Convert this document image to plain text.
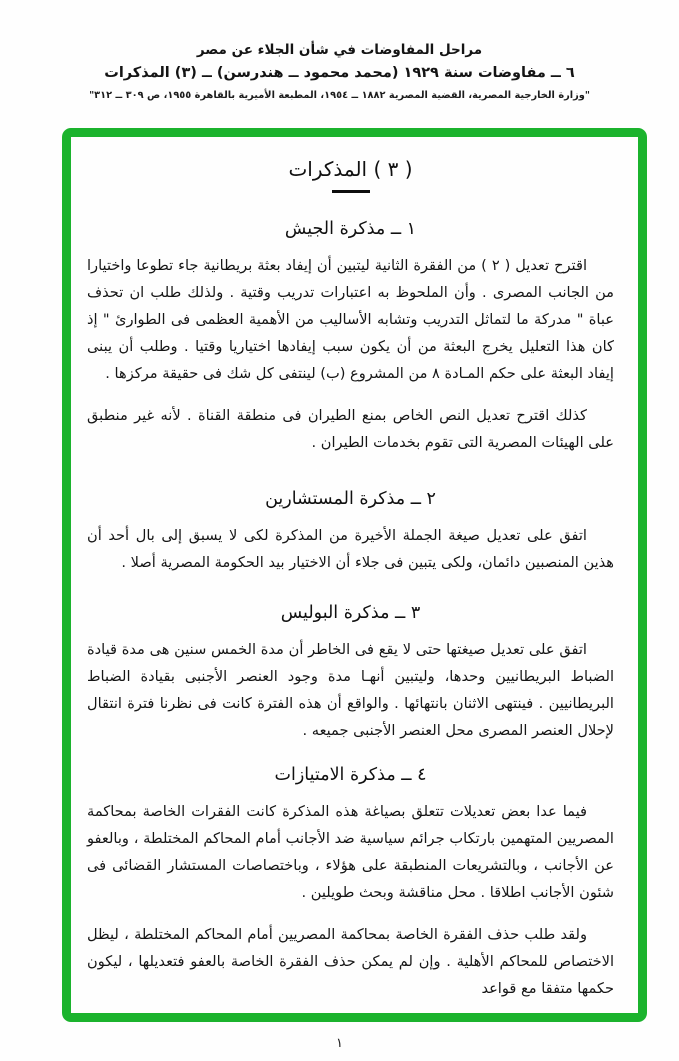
مراحل المفاوضات في شأن الجلاء عن مصر
٦ ــ مفاوضات سنة ١٩٢٩ (محمد محمود ــ هندرسن) ــ (٣) المذكرات
"وزارة الخارجية المصرية، القضية المصرية ١٨٨٢ ــ ١٩٥٤، المطبعة الأميرية بالقاهرة ١٩٥٥، ص ٣٠٩ ــ ٣١٢"
( ٣ ) المذكرات
١ ــ مذكرة الجيش

اقترح تعديل ( ٢ ) من الفقرة الثانية ليتبين أن إيفاد بعثة بريطانية جاء تطوعا واختيارا من الجانب المصرى . وأن الملحوظ به اعتبارات تدريب وقتية . ولذلك طلب ان تحذف عباة " مدركة ما لتماثل التدريب وتشابه الأساليب من الأهمية العظمى فى الطوارئ " إذ كان هذا التعليل يخرج البعثة من أن يكون سبب إيفادها اختياريا وقتيا . وطلب أن يبنى إيفاد البعثة على حكم المـادة ٨ من المشروع (ب) لينتفى كل شك فى حقيقة مركزها .

كذلك اقترح تعديل النص الخاص بمنع الطيران فى منطقة القناة . لأنه غير منطبق على الهيئات المصرية التى تقوم بخدمات الطيران .

٢ ــ مذكرة المستشارين

اتفق على تعديل صيغة الجملة الأخيرة من المذكرة لكى لا يسبق إلى بال أحد أن هذين المنصبين دائمان، ولكى يتبين فى جلاء أن الاختيار بيد الحكومة المصرية أصلا .

٣ ــ مذكرة البوليس

اتفق على تعديل صيغتها حتى لا يقع فى الخاطر أن مدة الخمس سنين هى مدة قيادة الضباط البريطانيين وحدها، وليتبين أنهـا مدة وجود العنصر الأجنبى بقيادة الضباط البريطانيين . فينتهى الاثنان بانتهائها . والواقع أن هذه الفترة كانت فى نظرنا فترة انتقال لإحلال العنصر المصرى محل العنصر الأجنبى جميعه .

٤ ــ مذكرة الامتيازات

فيما عدا بعض تعديلات تتعلق بصياغة هذه المذكرة كانت الفقرات الخاصة بمحاكمة المصريين المتهمين بارتكاب جرائم سياسية ضد الأجانب أمام المحاكم المختلطة ، وبالعفو عن الأجانب ، وبالتشريعات المنطبقة على هؤلاء ، وباختصاصات المستشار القضائى فى شئون الأجانب اطلاقا . محل مناقشة وبحث طويلين .

ولقد طلب حذف الفقرة الخاصة بمحاكمة المصريين أمام المحاكم المختلطة ، ليظل الاختصاص للمحاكم الأهلية . وإن لم يمكن حذف الفقرة الخاصة بالعفو فتعديلها ، ليكون حكمها متفقا مع قواعد

١
